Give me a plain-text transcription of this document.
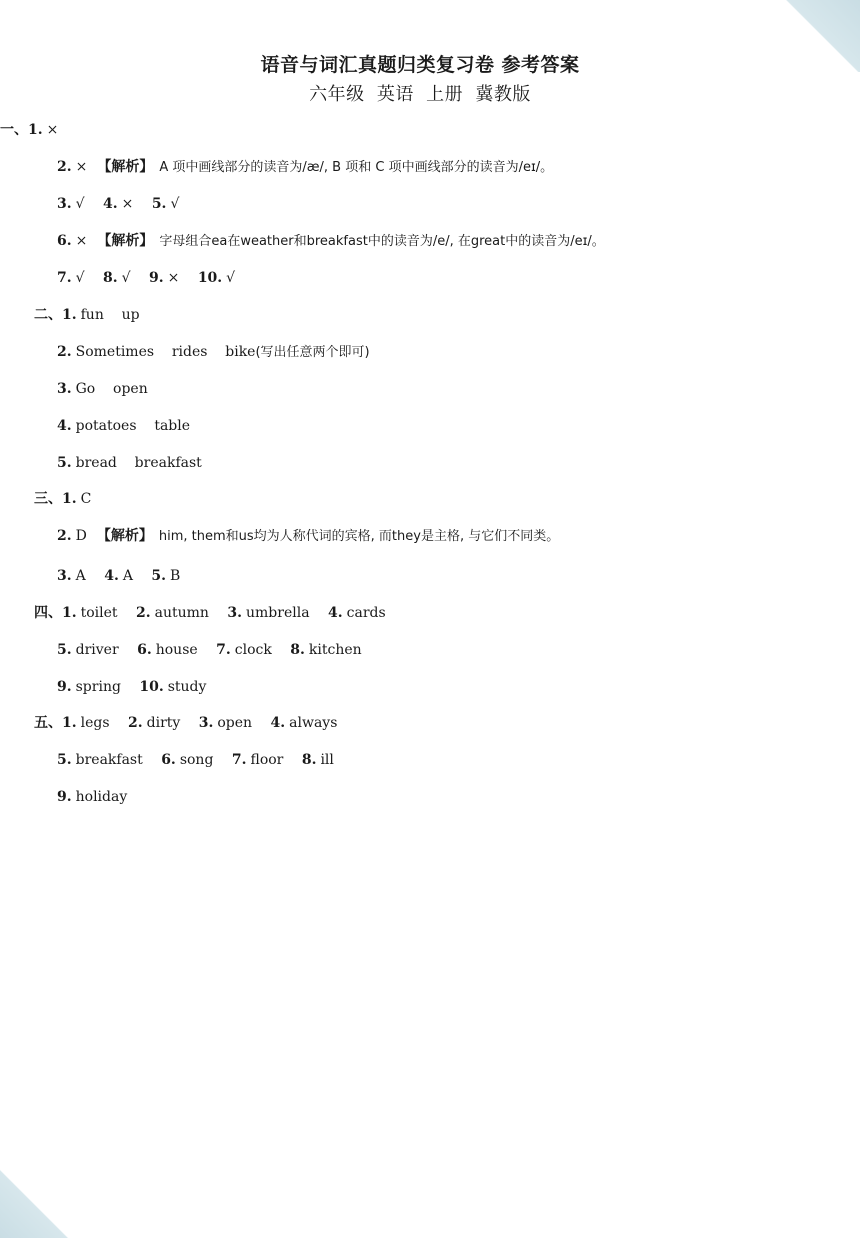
语音与词汇真题归类复习卷 参考答案
六年级 英语 上册 冀教版
一、1. ×
2. × 【解析】 A 项中画线部分的读音为/æ/, B 项和 C 项中画线部分的读音为/eɪ/。
3. √ 4. × 5. √
6. × 【解析】 字母组合ea在weather和breakfast中的读音为/e/, 在great中的读音为/eɪ/。
7. √ 8. √ 9. × 10. √
二、1. fun    up
2. Sometimes    rides    bike(写出任意两个即可)
3. Go    open
4. potatoes    table
5. bread    breakfast
三、1. C
2. D 【解析】 him, them和us均为人称代词的宾格, 而they是主格, 与它们不同类。
3. A 4. A 5. B
四、1. toilet 2. autumn 3. umbrella 4. cards
5. driver 6. house 7. clock 8. kitchen
9. spring 10. study
五、1. legs 2. dirty 3. open 4. always
5. breakfast 6. song 7. floor 8. ill
9. holiday
